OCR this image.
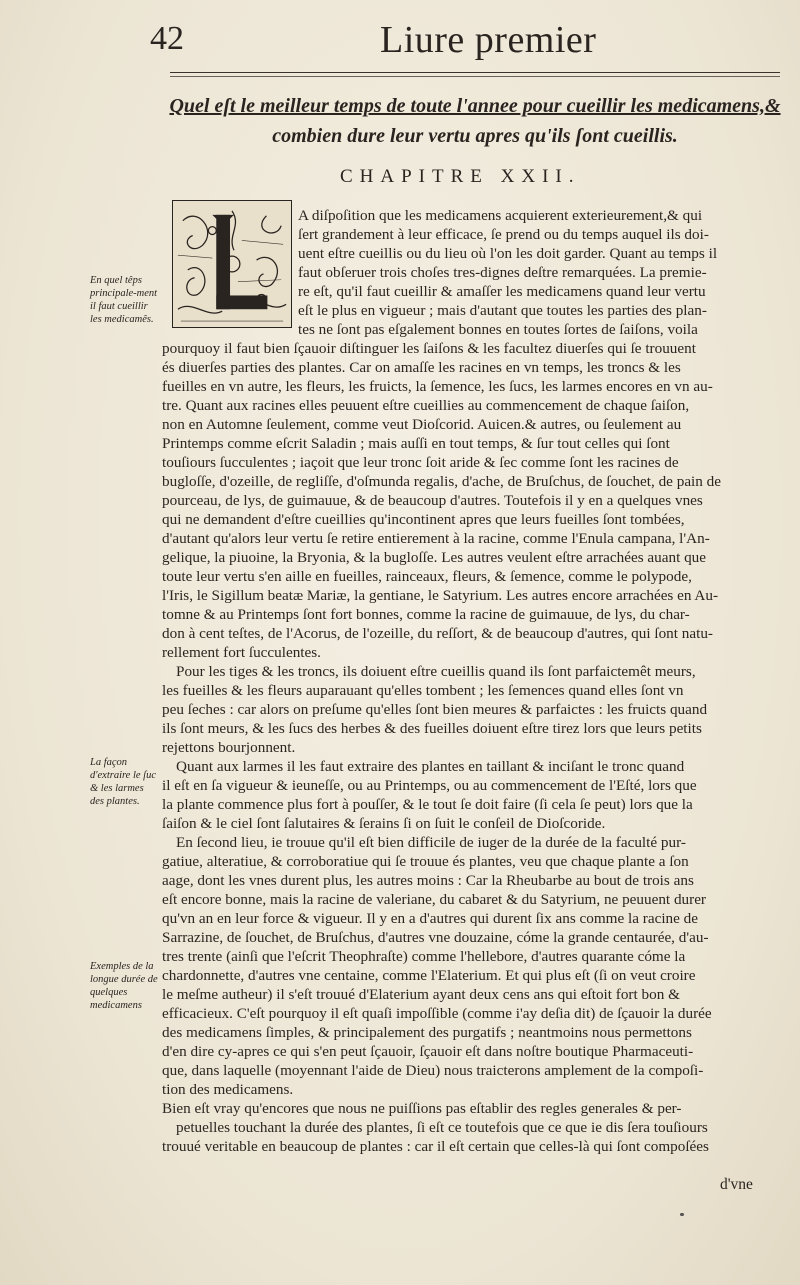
42	Liure premier
Quel eſt le meilleur temps de toute l'annee pour cueillir les medicamens,&
combien dure leur vertu apres qu'ils ſont cueillis.
CHAPITRE XXII.
En quel têps principale-ment il faut cueillir les medicamês.
La façon d'extraire le ſuc & les larmes des plantes.
Exemples de la longue durée de quelques medicamens
A diſpoſition que les medicamens acquierent exterieurement,& qui
ſert grandement à leur efficace, ſe prend ou du temps auquel ils doi-
uent eſtre cueillis ou du lieu où l'on les doit garder. Quant au temps il
faut obſeruer trois choſes tres-dignes deſtre remarquées. La premie-
re eſt, qu'il faut cueillir & amaſſer les medicamens quand leur vertu
eſt le plus en vigueur ; mais d'autant que toutes les parties des plan-
tes ne ſont pas eſgalement bonnes en toutes ſortes de ſaiſons, voila
pourquoy il faut bien ſçauoir diſtinguer les ſaiſons & les facultez diuerſes qui ſe trouuent
és diuerſes parties des plantes. Car on amaſſe les racines en vn temps, les troncs & les
fueilles en vn autre, les fleurs, les fruicts, la ſemence, les ſucs, les larmes encores en vn au-
tre. Quant aux racines elles peuuent eſtre cueillies au commencement de chaque ſaiſon,
non en Automne ſeulement, comme veut Dioſcorid. Auicen.& autres, ou ſeulement au
Printemps comme eſcrit Saladin ; mais auſſi en tout temps, & ſur tout celles qui ſont
touſiours ſucculentes ; iaçoit que leur tronc ſoit aride & ſec comme ſont les racines de
bugloſſe, d'ozeille, de regliſſe, d'oſmunda regalis, d'ache, de Bruſchus, de ſouchet, de pain de
pourceau, de lys, de guimauue, & de beaucoup d'autres. Toutefois il y en a quelques vnes
qui ne demandent d'eſtre cueillies qu'incontinent apres que leurs fueilles ſont tombées,
d'autant qu'alors leur vertu ſe retire entierement à la racine, comme l'Enula campana, l'An-
gelique, la piuoine, la Bryonia, & la bugloſſe. Les autres veulent eſtre arrachées auant que
toute leur vertu s'en aille en fueilles, rainceaux, fleurs, & ſemence, comme le polypode,
l'Iris, le Sigillum beatæ Mariæ, la gentiane, le Satyrium. Les autres encore arrachées en Au-
tomne & au Printemps ſont fort bonnes, comme la racine de guimauue, de lys, du char-
don à cent teſtes, de l'Acorus, de l'ozeille, du reſſort, & de beaucoup d'autres, qui ſont natu-
rellement fort ſucculentes.
Pour les tiges & les troncs, ils doiuent eſtre cueillis quand ils ſont parfaictemêt meurs,
les fueilles & les fleurs auparauant qu'elles tombent ; les ſemences quand elles ſont vn
peu ſeches : car alors on preſume qu'elles ſont bien meures & parfaictes : les fruicts quand
ils ſont meurs, & les ſucs des herbes & des fueilles doiuent eſtre tirez lors que leurs petits
rejettons bourjonnent.
Quant aux larmes il les faut extraire des plantes en taillant & inciſant le tronc quand
il eſt en ſa vigueur & ieuneſſe, ou au Printemps, ou au commencement de l'Eſté, lors que
la plante commence plus fort à pouſſer, & le tout ſe doit faire (ſi cela ſe peut) lors que la
ſaiſon & le ciel ſont ſalutaires & ſerains ſi on ſuit le conſeil de Dioſcoride.
En ſecond lieu, ie trouue qu'il eſt bien difficile de iuger de la durée de la faculté pur-
gatiue, alteratiue, & corroboratiue qui ſe trouue és plantes, veu que chaque plante a ſon
aage, dont les vnes durent plus, les autres moins : Car la Rheubarbe au bout de trois ans
eſt encore bonne, mais la racine de valeriane, du cabaret & du Satyrium, ne peuuent durer
qu'vn an en leur force & vigueur. Il y en a d'autres qui durent ſix ans comme la racine de
Sarrazine, de ſouchet, de Bruſchus, d'autres vne douzaine, cóme la grande centaurée, d'au-
tres trente (ainſi que l'eſcrit Theophraſte) comme l'hellebore, d'autres quarante cóme la
chardonnette, d'autres vne centaine, comme l'Elaterium. Et qui plus eſt (ſi on veut croire
le meſme autheur) il s'eſt trouué d'Elaterium ayant deux cens ans qui eſtoit fort bon &
efficacieux. C'eſt pourquoy il eſt quaſi impoſſible (comme i'ay deſia dit) de ſçauoir la durée
des medicamens ſimples, & principalement des purgatifs ; neantmoins nous permettons
d'en dire cy-apres ce qui s'en peut ſçauoir, ſçauoir eſt dans noſtre boutique Pharmaceuti-
que, dans laquelle (moyennant l'aide de Dieu) nous traicterons amplement de la compoſi-
tion des medicamens.
Bien eſt vray qu'encores que nous ne puiſſions pas eſtablir des regles generales & per-
petuelles touchant la durée des plantes, ſi eſt ce toutefois que ce que ie dis ſera touſiours
trouué veritable en beaucoup de plantes : car il eſt certain que celles-là qui ſont compoſées
d'vne
